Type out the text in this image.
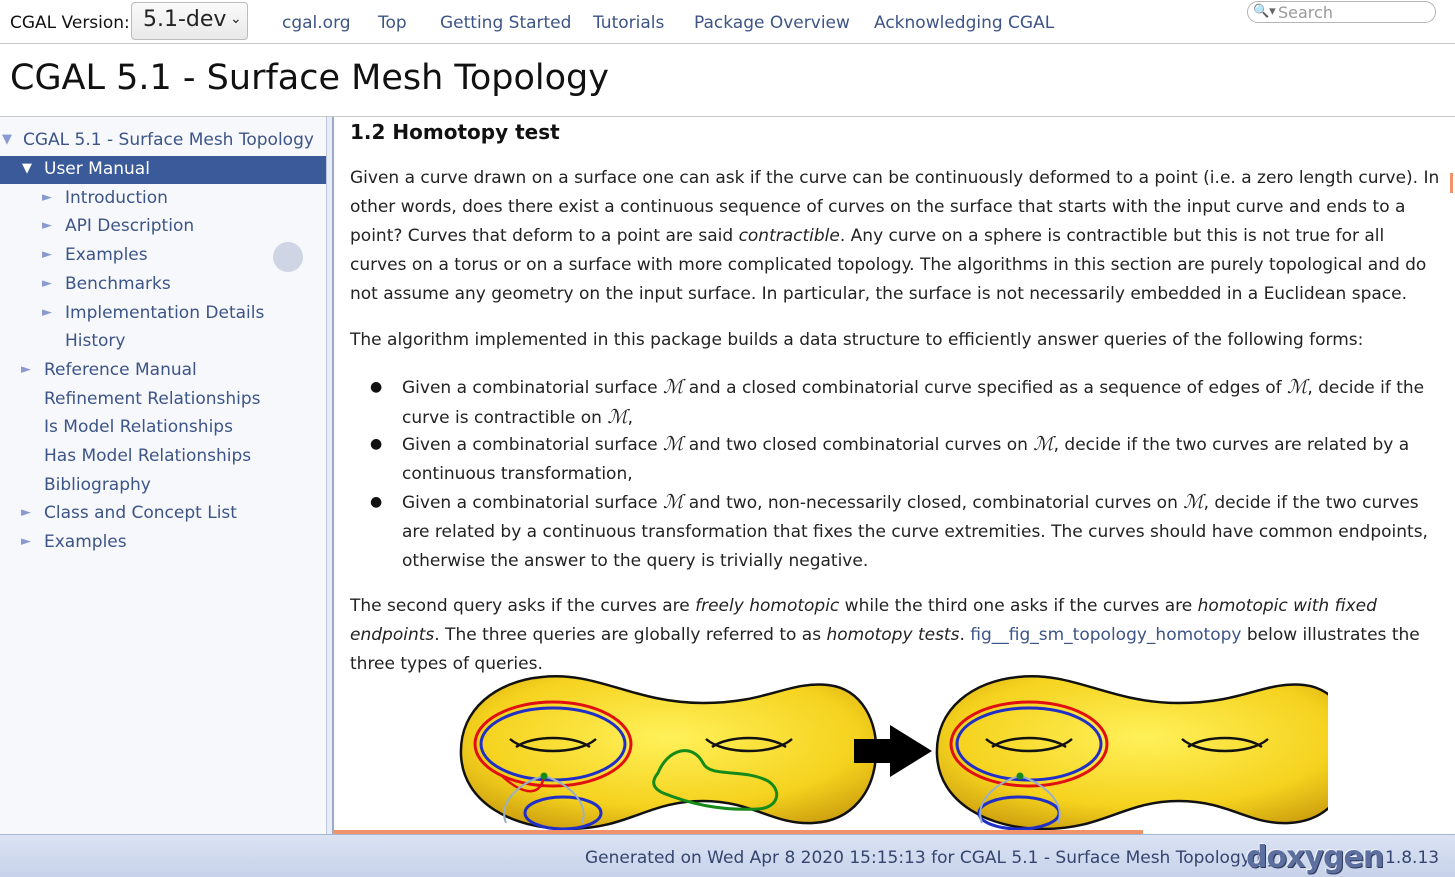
CGAL Version: 5.1-dev ⌄ cgal.org Top Getting Started Tutorials Package Overview Acknowledging CGAL
🔍▾
Search
CGAL 5.1 - Surface Mesh Topology
▼ CGAL 5.1 - Surface Mesh Topology
▼ User Manual
► Introduction
► API Description
► Examples
► Benchmarks
► Implementation Details
History
► Reference Manual
Refinement Relationships
Is Model Relationships
Has Model Relationships
Bibliography
► Class and Concept List
► Examples
1.2 Homotopy test

Given a curve drawn on a surface one can ask if the curve can be continuously deformed to a point (i.e. a zero length curve). In other words, does there exist a continuous sequence of curves on the surface that starts with the input curve and ends to a point? Curves that deform to a point are said contractible. Any curve on a sphere is contractible but this is not true for all curves on a torus or on a surface with more complicated topology. The algorithms in this section are purely topological and do not assume any geometry on the input surface. In particular, the surface is not necessarily embedded in a Euclidean space.

The algorithm implemented in this package builds a data structure to efficiently answer queries of the following forms:

● Given a combinatorial surface ℳ and a closed combinatorial curve specified as a sequence of edges of ℳ, decide if the curve is contractible on ℳ,

● Given a combinatorial surface ℳ and two closed combinatorial curves on ℳ, decide if the two curves are related by a continuous transformation,

● Given a combinatorial surface ℳ and two, non-necessarily closed, combinatorial curves on ℳ, decide if the two curves are related by a continuous transformation that fixes the curve extremities. The curves should have common endpoints, otherwise the answer to the query is trivially negative.

The second query asks if the curves are freely homotopic while the third one asks if the curves are homotopic with fixed endpoints. The three queries are globally referred to as homotopy tests. fig__fig_sm_topology_homotopy below illustrates the three types of queries.

Generated on Wed Apr 8 2020 15:15:13 for CGAL 5.1 - Surface Mesh Topology by
doxygen 1.8.13
